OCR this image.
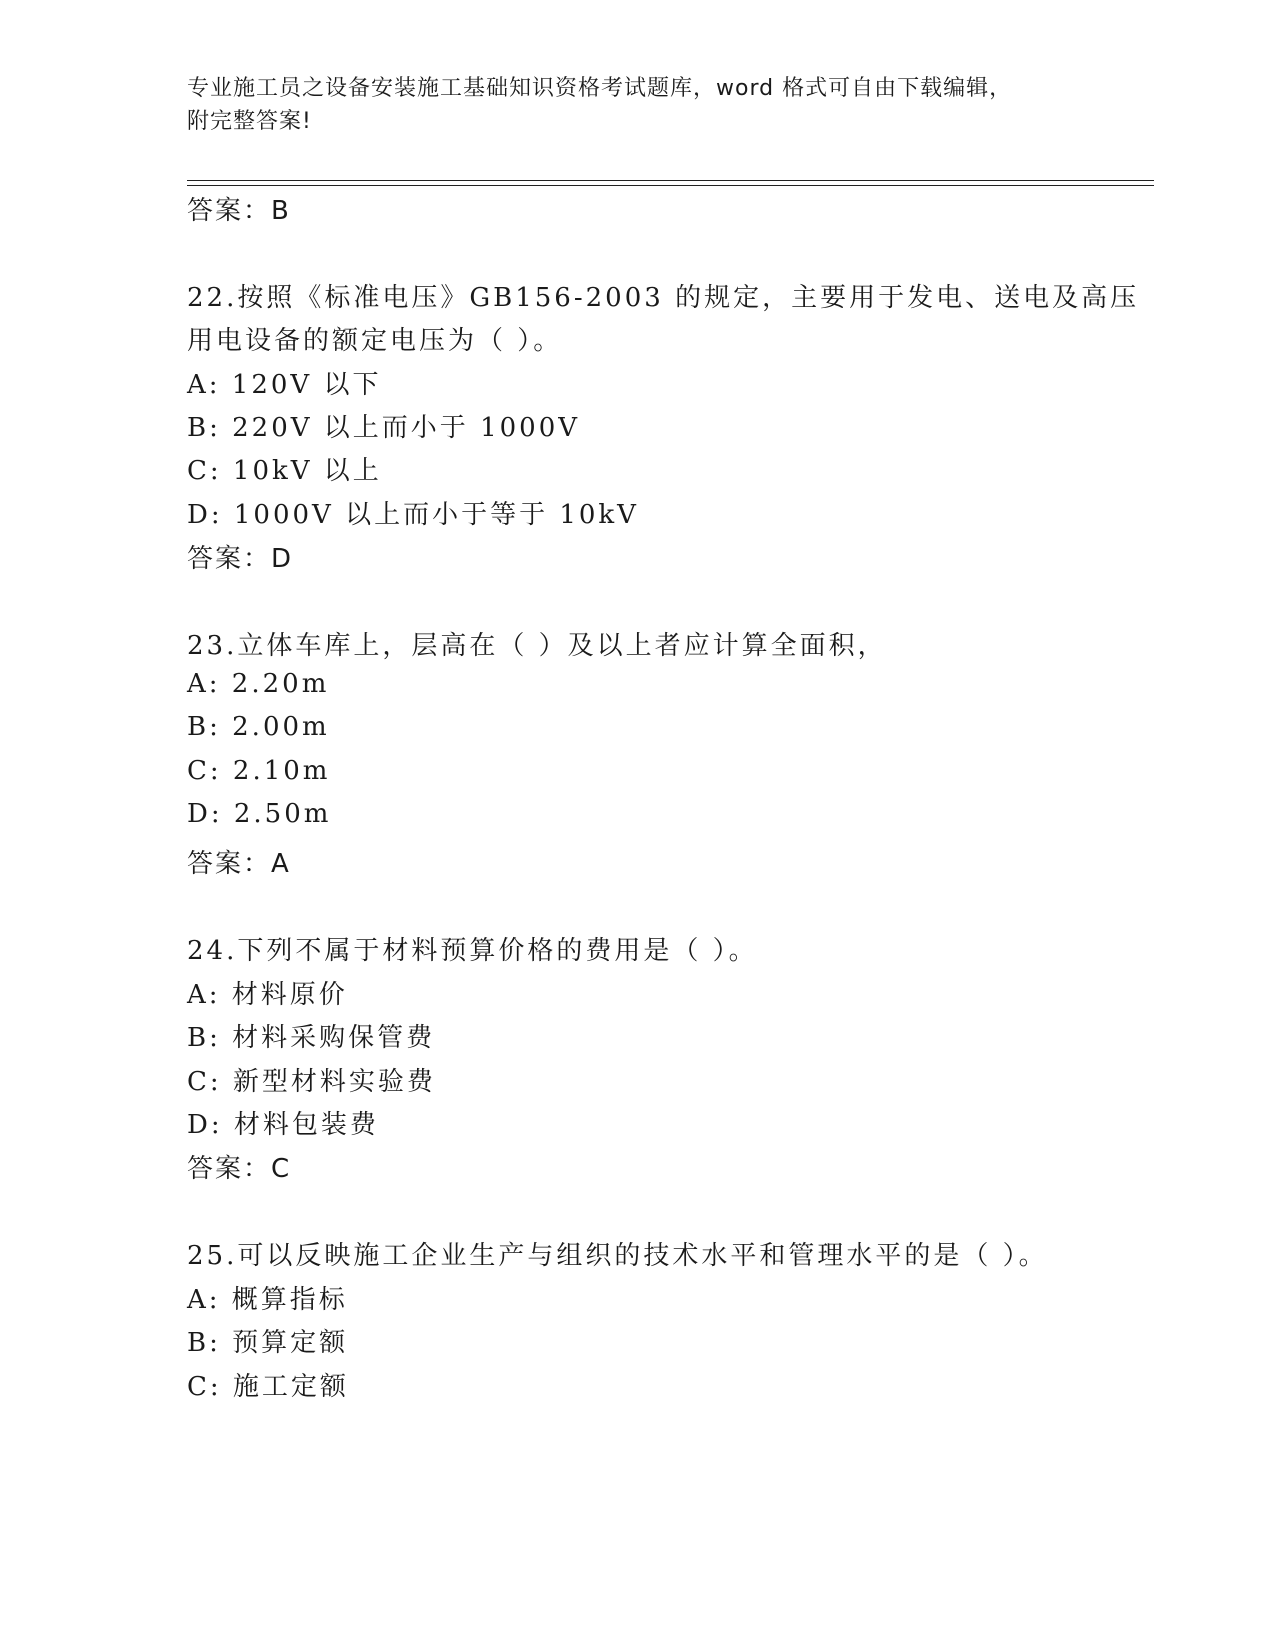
专业施工员之设备安装施工基础知识资格考试题库，word 格式可自由下载编辑，
附完整答案!
答案：B
22.按照《标准电压》GB156-2003 的规定，主要用于发电、送电及高压
用电设备的额定电压为（ ）。
A: 120V 以下
B: 220V 以上而小于 1000V
C: 10kV 以上
D: 1000V 以上而小于等于 10kV
答案：D
23.立体车库上，层高在（ ）及以上者应计算全面积，
A: 2.20m
B: 2.00m
C: 2.10m
D: 2.50m
答案：A
24.下列不属于材料预算价格的费用是（ ）。
A: 材料原价
B: 材料采购保管费
C: 新型材料实验费
D: 材料包装费
答案：C
25.可以反映施工企业生产与组织的技术水平和管理水平的是（ ）。
A: 概算指标
B: 预算定额
C: 施工定额
